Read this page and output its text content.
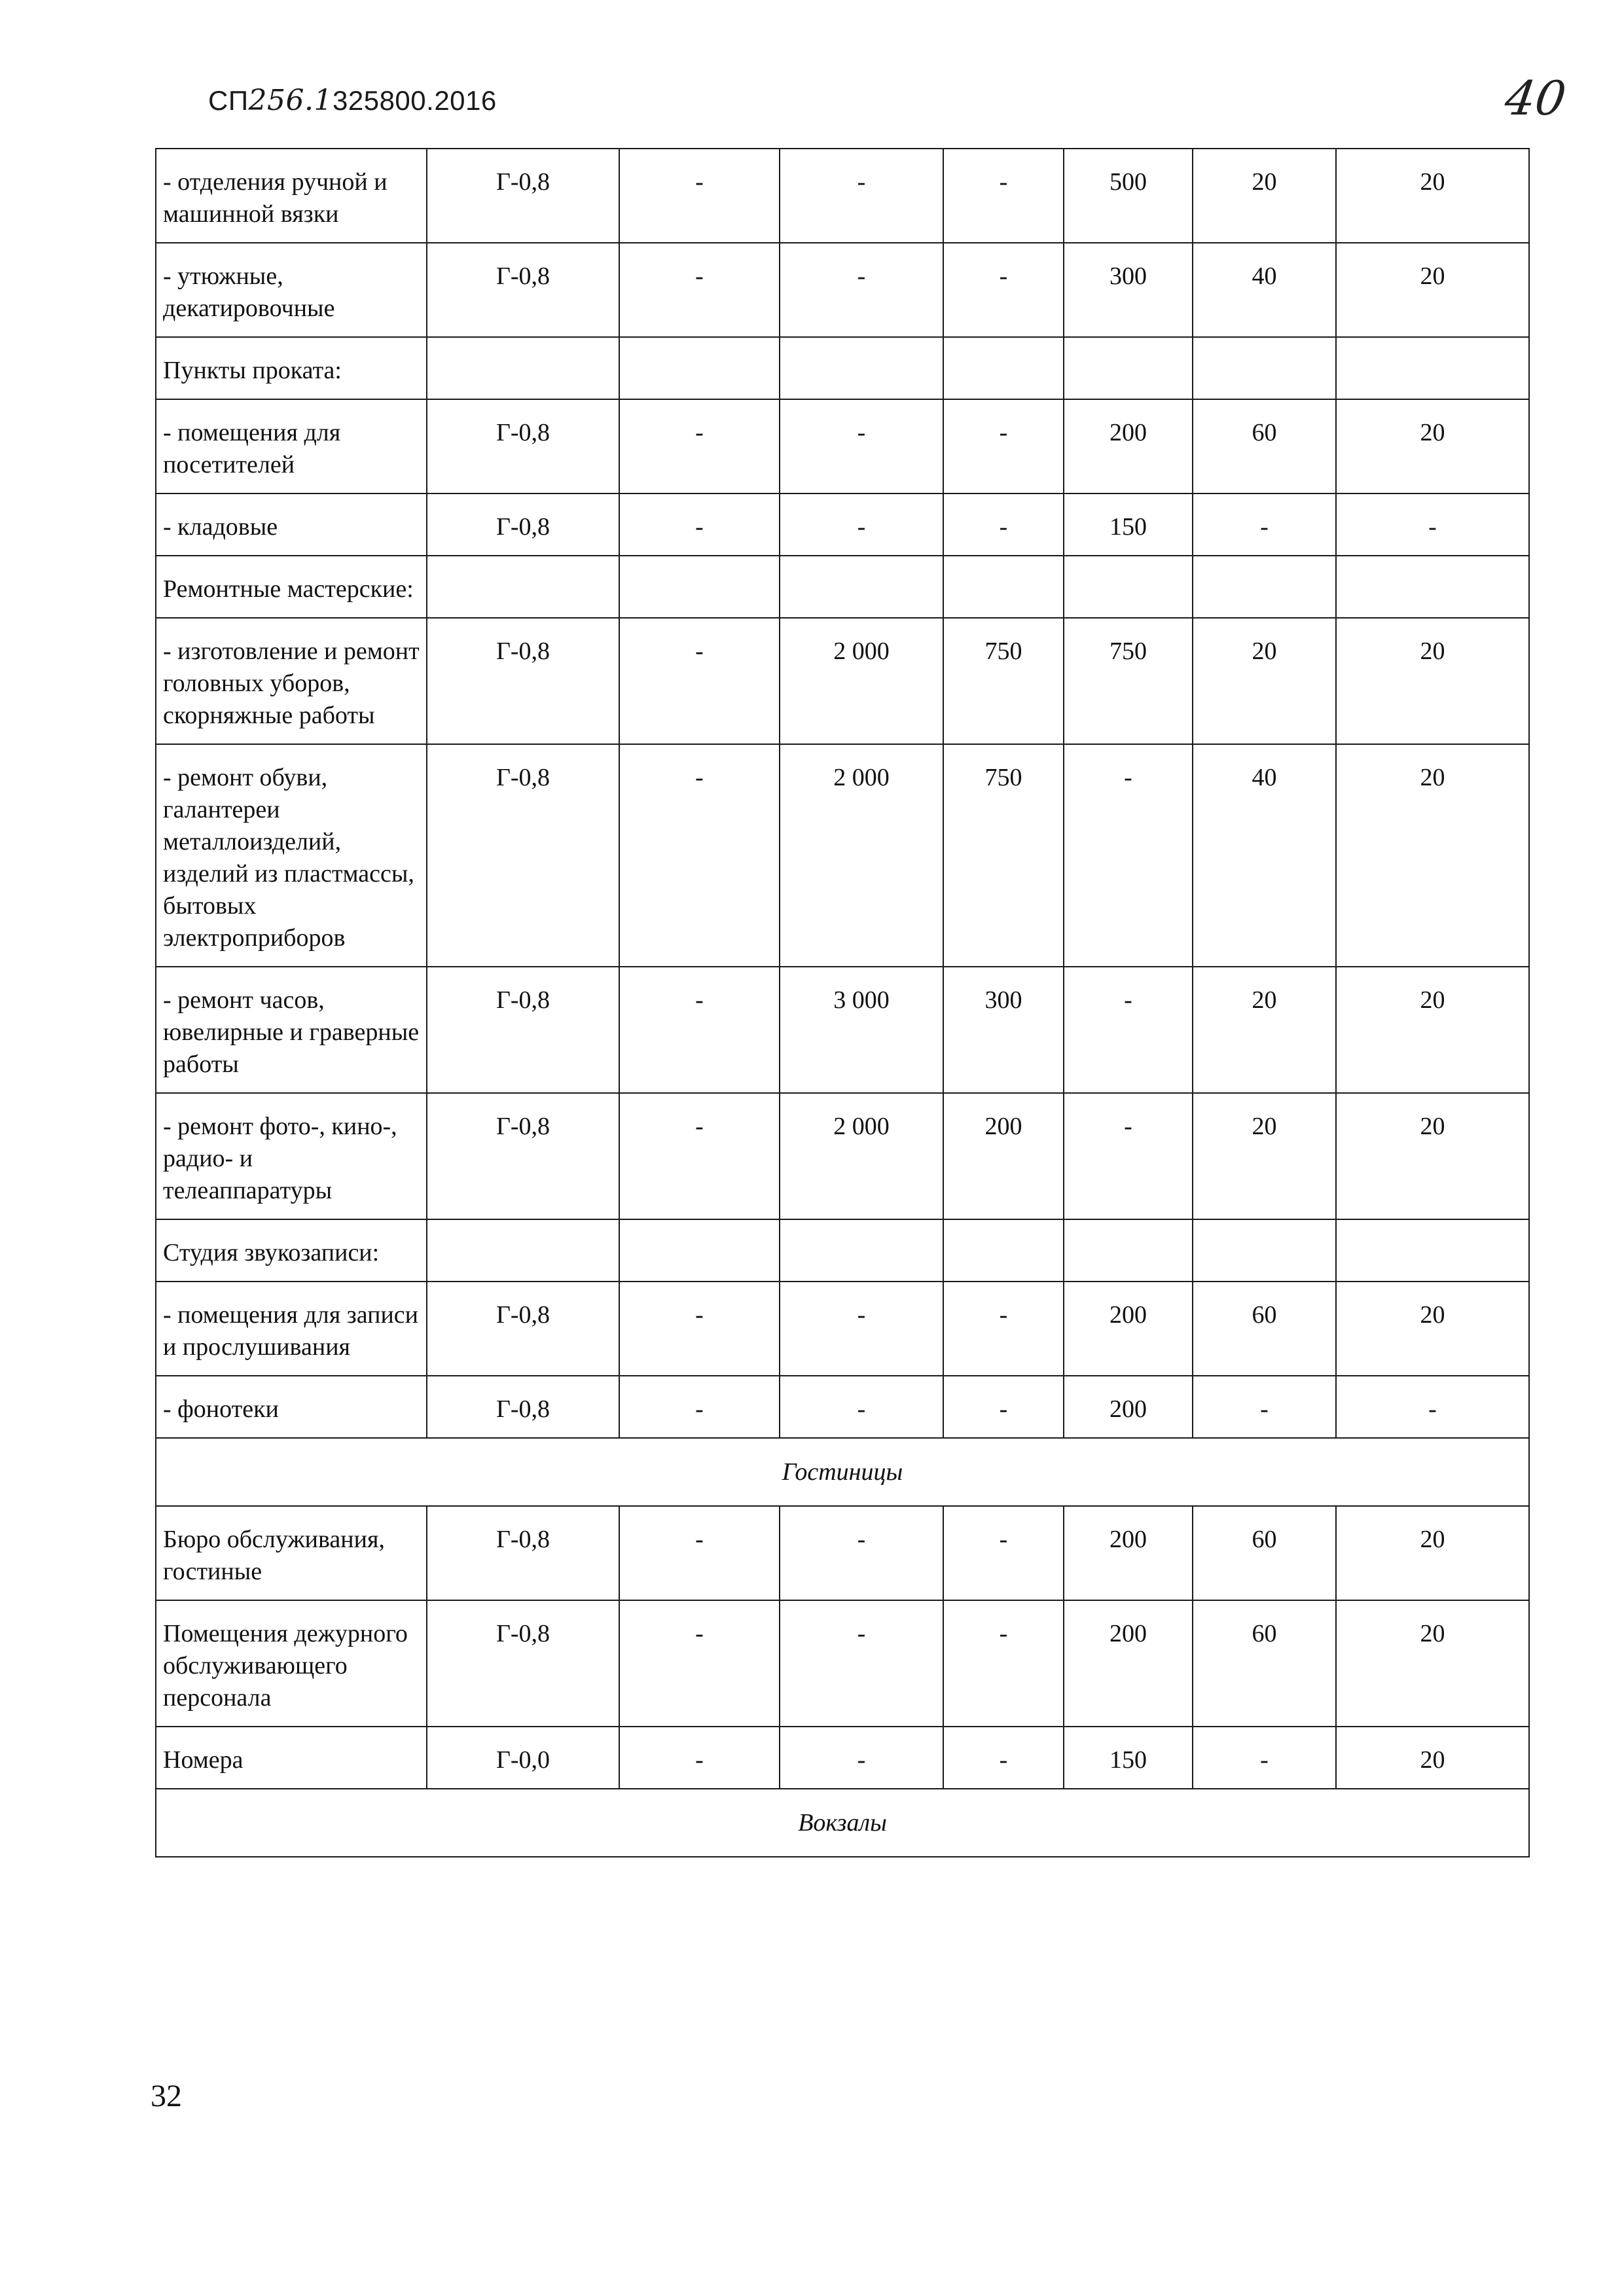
СП256.1325800.2016	40
- отделения ручной и машинной вязки	Г-0,8	-	-	-	500	20	20
- утюжные, декатировочные	Г-0,8	-	-	-	300	40	20
Пункты проката:							
- помещения для посетителей	Г-0,8	-	-	-	200	60	20
- кладовые	Г-0,8	-	-	-	150	-	-
Ремонтные мастерские:							
- изготовление и ремонт головных уборов, скорняжные работы	Г-0,8	-	2 000	750	750	20	20
- ремонт обуви, галантереи металлоизделий, изделий из пластмассы, бытовых электроприборов	Г-0,8	-	2 000	750	-	40	20
- ремонт часов, ювелирные и граверные работы	Г-0,8	-	3 000	300	-	20	20
- ремонт фото-, кино-, радио- и телеаппаратуры	Г-0,8	-	2 000	200	-	20	20
Студия звукозаписи:							
- помещения для записи и прослушивания	Г-0,8	-	-	-	200	60	20
- фонотеки	Г-0,8	-	-	-	200	-	-
Гостиницы							
Бюро обслуживания, гостиные	Г-0,8	-	-	-	200	60	20
Помещения дежурного обслуживающего персонала	Г-0,8	-	-	-	200	60	20
Номера	Г-0,0	-	-	-	150	-	20
Вокзалы							
32
